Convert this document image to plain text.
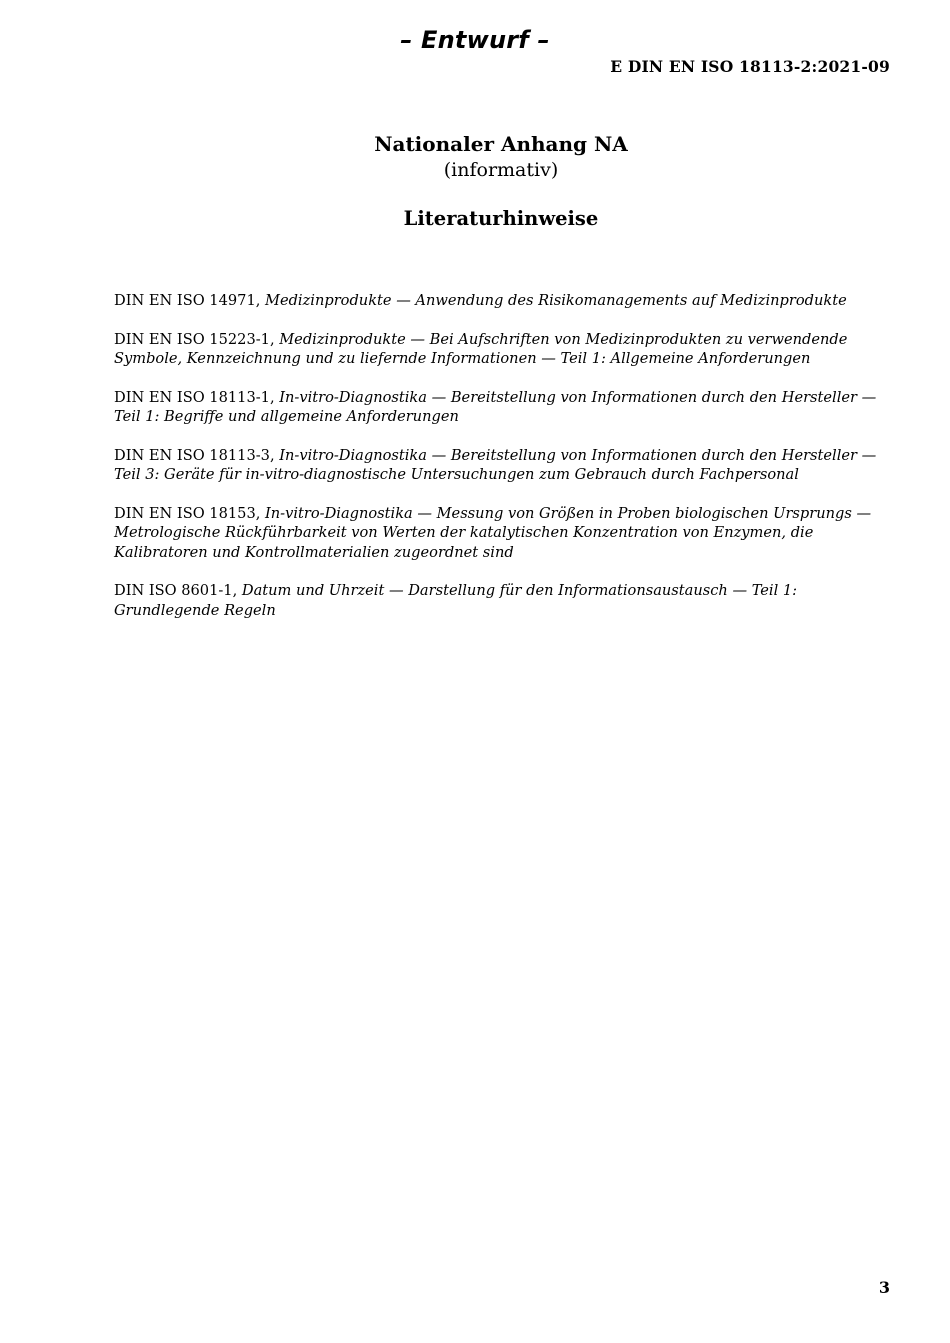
– Entwurf –
E DIN EN ISO 18113-2:2021-09
Nationaler Anhang NA
(informativ)
Literaturhinweise

DIN EN ISO 14971, Medizinprodukte — Anwendung des Risikomanagements auf Medizinprodukte

DIN EN ISO 15223-1, Medizinprodukte — Bei Aufschriften von Medizinprodukten zu verwendende Symbole, Kennzeichnung und zu liefernde Informationen — Teil 1: Allgemeine Anforderungen

DIN EN ISO 18113-1, In-vitro-Diagnostika — Bereitstellung von Informationen durch den Hersteller — Teil 1: Begriffe und allgemeine Anforderungen

DIN EN ISO 18113-3, In-vitro-Diagnostika — Bereitstellung von Informationen durch den Hersteller — Teil 3: Geräte für in-vitro-diagnostische Untersuchungen zum Gebrauch durch Fachpersonal

DIN EN ISO 18153, In-vitro-Diagnostika — Messung von Größen in Proben biologischen Ursprungs — Metrologische Rückführbarkeit von Werten der katalytischen Konzentration von Enzymen, die Kalibratoren und Kontrollmaterialien zugeordnet sind

DIN ISO 8601-1, Datum und Uhrzeit — Darstellung für den Informationsaustausch — Teil 1: Grundlegende Regeln

3
